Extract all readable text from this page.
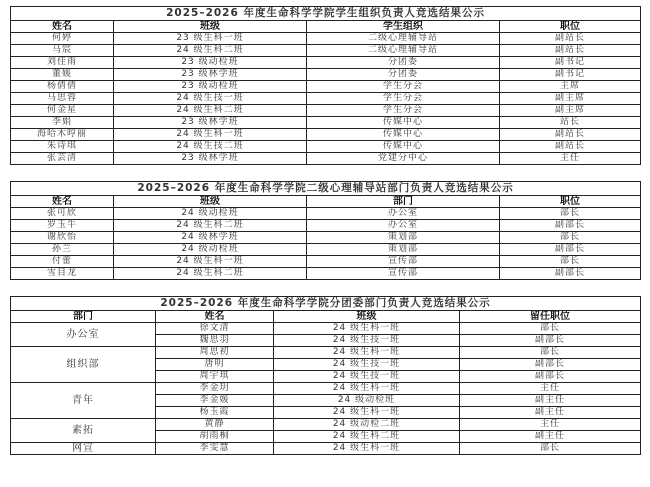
2025–2026 年度生命科学学院学生组织负责人竞选结果公示			
姓名	班级	学生组织	职位
何婷	23 级生科一班	二级心理辅导站	副站长
马宸	24 级生科二班	二级心理辅导站	副站长
刘佳雨	23 级动检班	分团委	副书记
董媛	23 级林学班	分团委	副书记
杨倩倩	23 级动检班	学生分会	主席
马思蓉	24 级生技一班	学生分会	副主席
何金星	24 级生科二班	学生分会	副主席
李娟	23 级林学班	传媒中心	站长
海哈木哼丽	24 级生科一班	传媒中心	副站长
朱诗琪	24 级生技二班	传媒中心	副站长
张芸清	23 级林学班	党建分中心	主任
2025–2026 年度生命科学学院二级心理辅导站部门负责人竞选结果公示			
姓名	班级	部门	职位
张可欣	24 级动检班	办公室	部长
罗玉牛	24 级生科二班	办公室	副部长
谢欣怡	24 级林学班	策划部	部长
孙兰	24 级动检班	策划部	副部长
付蕾	24 级生科一班	宣传部	部长
雪目龙	24 级生科二班	宣传部	副部长
2025–2026 年度生命科学学院分团委部门负责人竞选结果公示			
部门	姓名	班级	留任职位
办公室	徐文清	24 级生科一班	部长
	魏思羽	24 级生技一班	副部长
组织部	周思初	24 级生科一班	部长
	唐明	24 级生技一班	副部长
	周宇琪	24 级生技一班	副部长
青年	李金玥	24 级生科一班	主任
	李金媛	24 级动检班	副主任
	杨玉霞	24 级生科一班	副主任
素拓	黄静	24 级动检二班	主任
	胡雨桐	24 级生科二班	副主任
网宣	李雯慧	24 级生科一班	部长
